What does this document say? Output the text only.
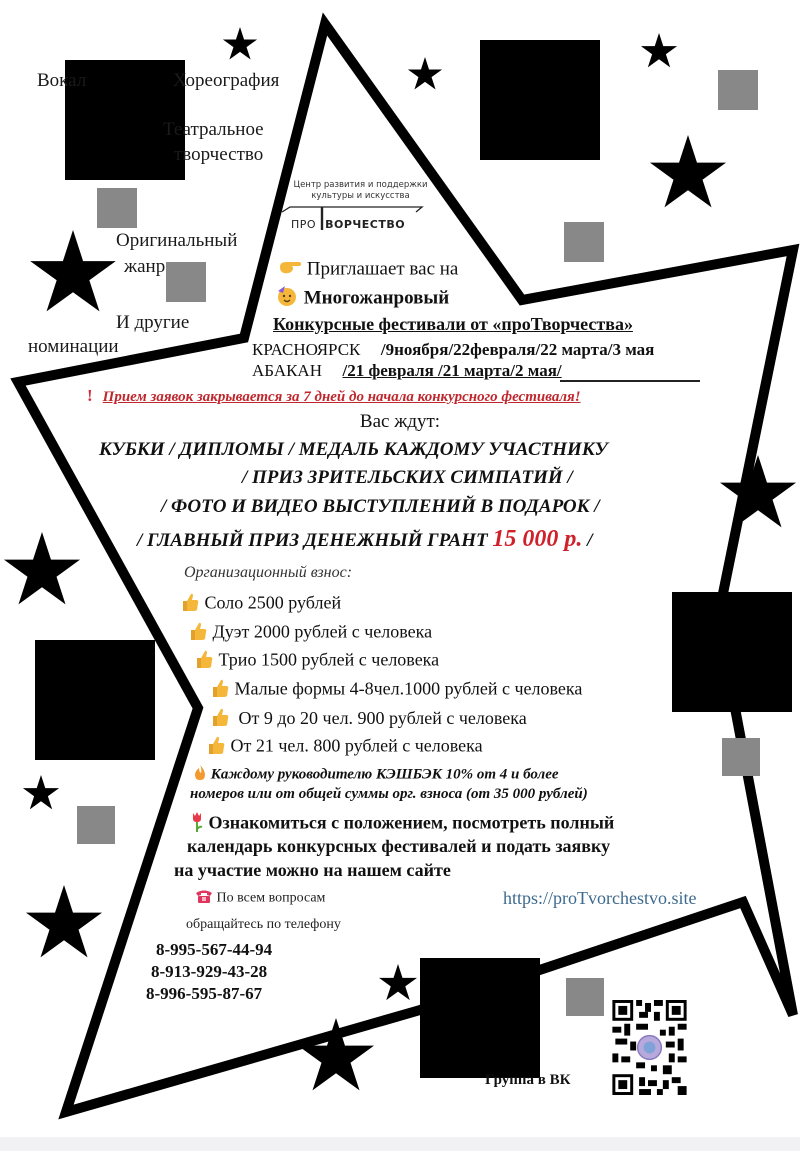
Вокал	Хореография
Театральное
творчество
Оригинальный
жанр
И другие
номинации
Центр развития и поддержки
культуры и искусства
ПРО ВОРЧЕСТВО
Приглашает вас на
Многожанровый
Конкурсные фестивали от «проТворчества»
КРАСНОЯРСК /9ноября/22февраля/22 марта/3 мая
АБАКАН /21 февраля /21 марта/2 мая/
! Прием заявок закрывается за 7 дней до начала конкурсного фестиваля!
Вас ждут:
КУБКИ / ДИПЛОМЫ / МЕДАЛЬ КАЖДОМУ УЧАСТНИКУ
/ ПРИЗ ЗРИТЕЛЬСКИХ СИМПАТИЙ /
/ ФОТО И ВИДЕО ВЫСТУПЛЕНИЙ В ПОДАРОК /
/ ГЛАВНЫЙ ПРИЗ ДЕНЕЖНЫЙ ГРАНТ 15 000 р. /
Организационный взнос:
Соло 2500 рублей
Дуэт 2000 рублей с человека
Трио 1500 рублей с человека
Малые формы 4-8чел.1000 рублей с человека
От 9 до 20 чел. 900 рублей с человека
От 21 чел. 800 рублей с человека
Каждому руководителю КЭШБЭК 10% от 4 и более
номеров или от общей суммы орг. взноса (от 35 000 рублей)
Ознакомиться с положением, посмотреть полный
календарь конкурсных фестивалей и подать заявку
на участие можно на нашем сайте
https://proTvorchestvo.site
По всем вопросам
обращайтесь по телефону
8-995-567-44-94
8-913-929-43-28
8-996-595-87-67
Группа в ВК
